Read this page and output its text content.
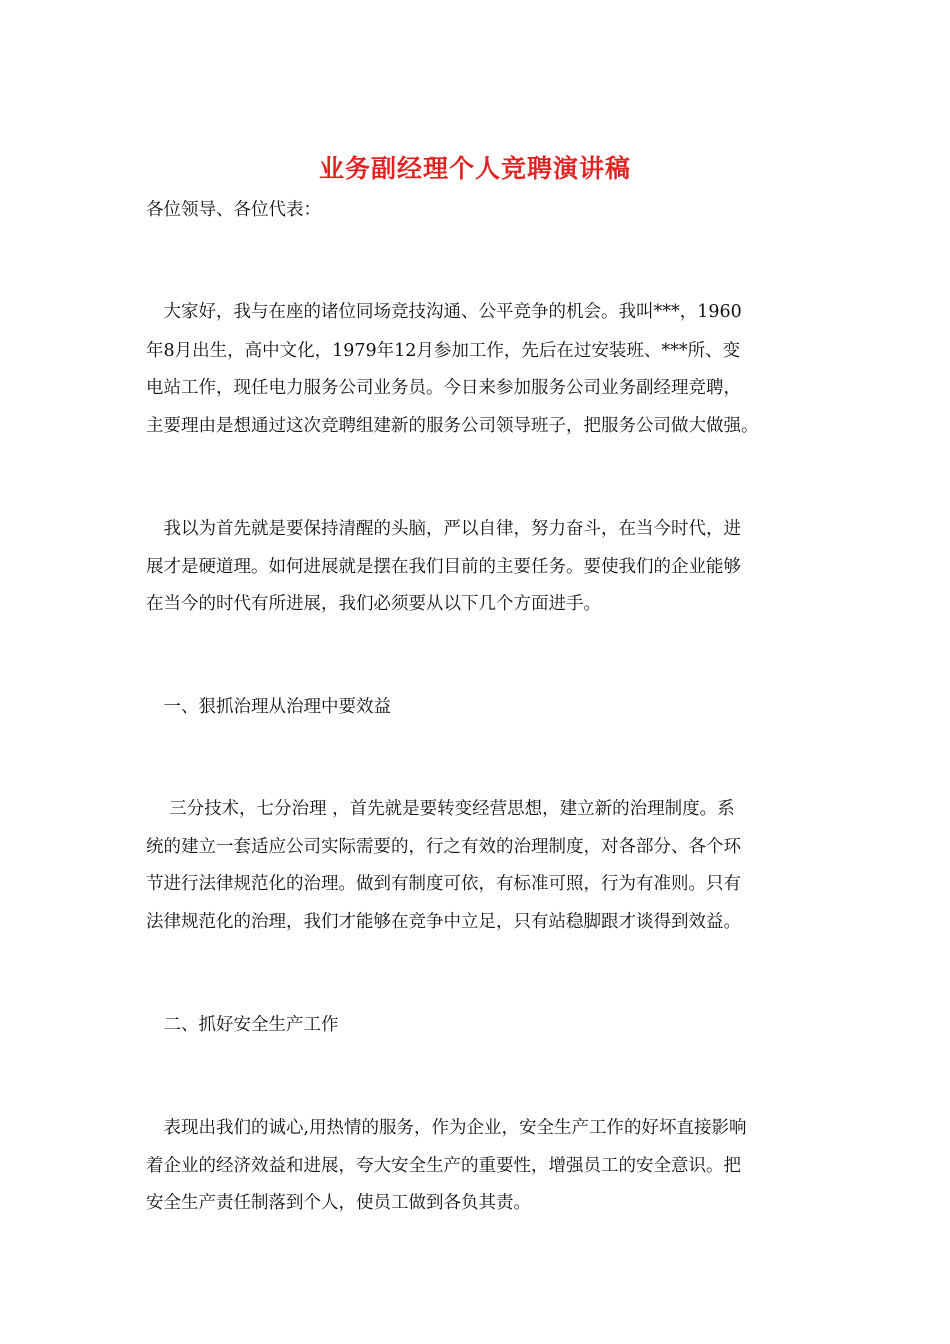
业务副经理个人竞聘演讲稿
各位领导、各位代表：
　大家好，我与在座的诸位同场竞技沟通、公平竞争的机会。我叫***，1960
年8月出生，高中文化，1979年12月参加工作，先后在过安装班、***所、变
电站工作，现任电力服务公司业务员。今日来参加服务公司业务副经理竞聘，
主要理由是想通过这次竞聘组建新的服务公司领导班子，把服务公司做大做强。
　我以为首先就是要保持清醒的头脑，严以自律，努力奋斗，在当今时代，进
展才是硬道理。如何进展就是摆在我们目前的主要任务。要使我们的企业能够
在当今的时代有所进展，我们必须要从以下几个方面进手。
　一、狠抓治理从治理中要效益
　 三分技术，七分治理 ，首先就是要转变经营思想，建立新的治理制度。系
统的建立一套适应公司实际需要的，行之有效的治理制度，对各部分、各个环
节进行法律规范化的治理。做到有制度可依，有标准可照，行为有准则。只有
法律规范化的治理，我们才能够在竞争中立足，只有站稳脚跟才谈得到效益。
　二、抓好安全生产工作
　表现出我们的诚心,用热情的服务，作为企业，安全生产工作的好坏直接影响
着企业的经济效益和进展，夸大安全生产的重要性，增强员工的安全意识。把
安全生产责任制落到个人，使员工做到各负其责。
